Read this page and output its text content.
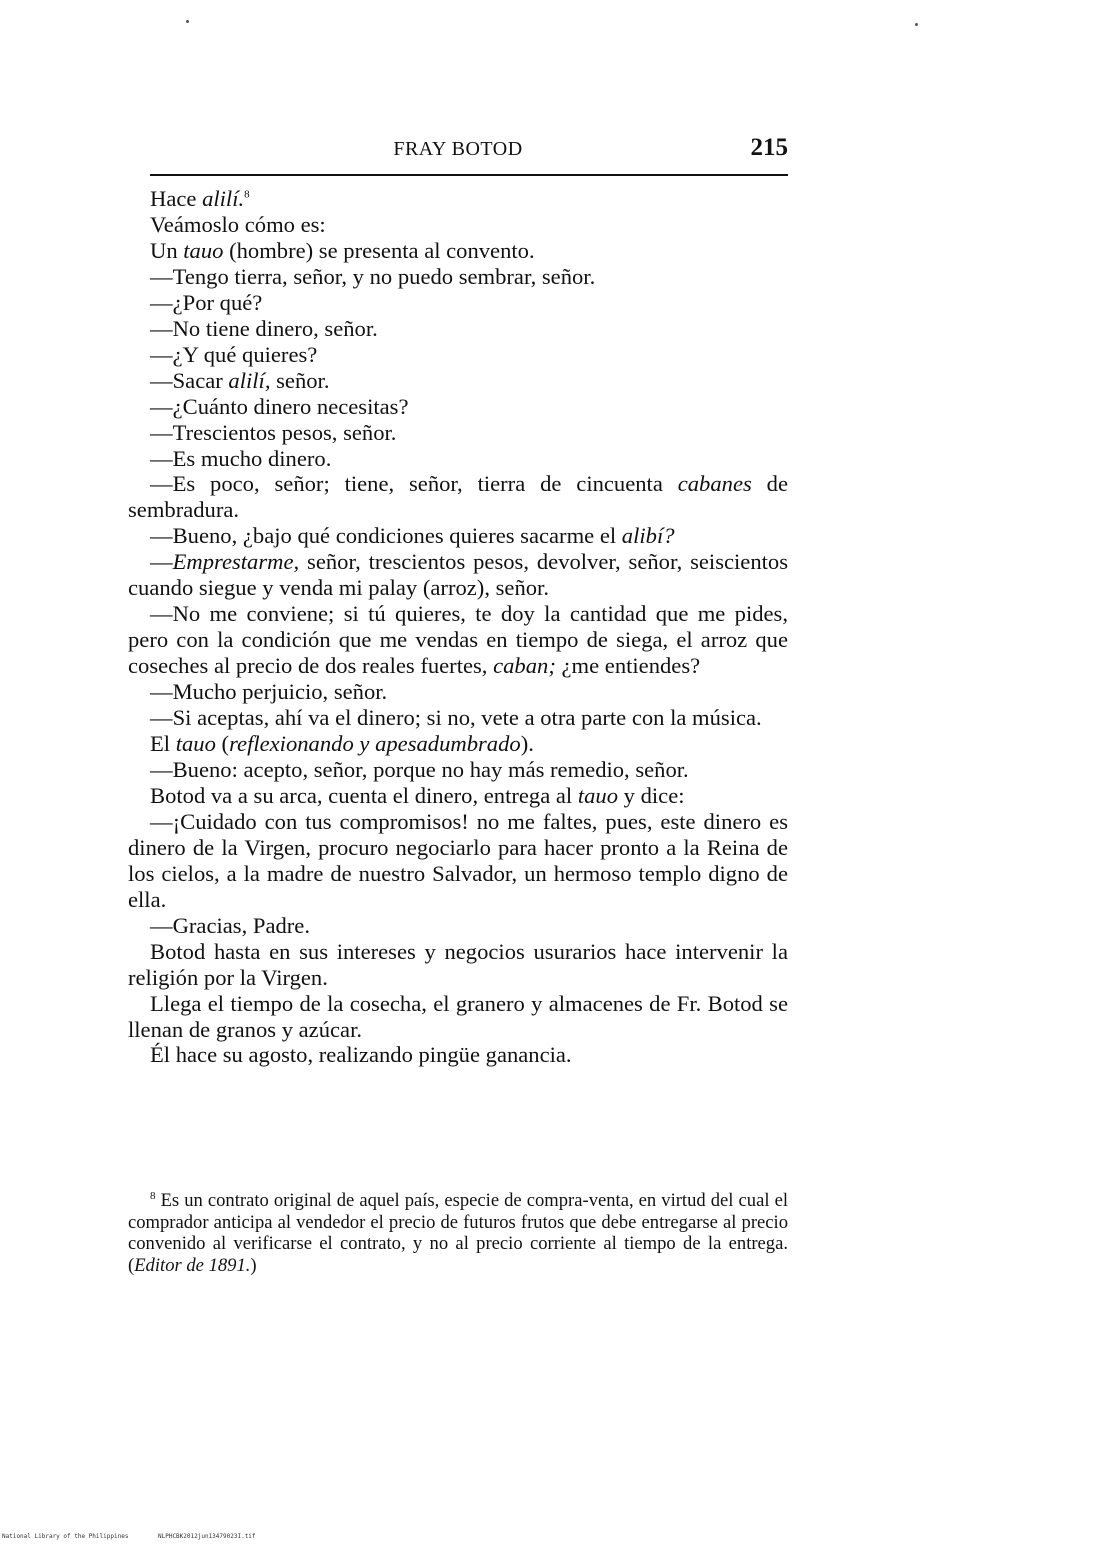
FRAY BOTOD	215

Hace alilí.$^8$

Veámoslo cómo es:

Un tauo (hombre) se presenta al convento.

—Tengo tierra, señor, y no puedo sembrar, señor.

—¿Por qué?

—No tiene dinero, señor.

—¿Y qué quieres?

—Sacar alilí, señor.

—¿Cuánto dinero necesitas?

—Trescientos pesos, señor.

—Es mucho dinero.

—Es poco, señor; tiene, señor, tierra de cincuenta cabanes de sembradura.

—Bueno, ¿bajo qué condiciones quieres sacarme el alibí?

—Emprestarme, señor, trescientos pesos, devolver, señor, seiscientos cuando siegue y venda mi palay (arroz), señor.

—No me conviene; si tú quieres, te doy la cantidad que me pides, pero con la condición que me vendas en tiempo de siega, el arroz que coseches al precio de dos reales fuertes, caban; ¿me entiendes?

—Mucho perjuicio, señor.

—Si aceptas, ahí va el dinero; si no, vete a otra parte con la música.

El tauo (reflexionando y apesadumbrado).

—Bueno: acepto, señor, porque no hay más remedio, señor.

Botod va a su arca, cuenta el dinero, entrega al tauo y dice:

—¡Cuidado con tus compromisos! no me faltes, pues, este dinero es dinero de la Virgen, procuro negociarlo para hacer pronto a la Reina de los cielos, a la madre de nuestro Salvador, un hermoso templo digno de ella.

—Gracias, Padre.

Botod hasta en sus intereses y negocios usurarios hace intervenir la religión por la Virgen.

Llega el tiempo de la cosecha, el granero y almacenes de Fr. Botod se llenan de granos y azúcar.

Él hace su agosto, realizando pingüe ganancia.

$^8$ Es un contrato original de aquel país, especie de compra-venta, en virtud del cual el comprador anticipa al vendedor el precio de futuros frutos que debe entregarse al precio convenido al verificarse el contrato, y no al precio corriente al tiempo de la entrega. (Editor de 1891.)

National Library of the Philippines	NLPHCBK2012jun13479023I.tif
